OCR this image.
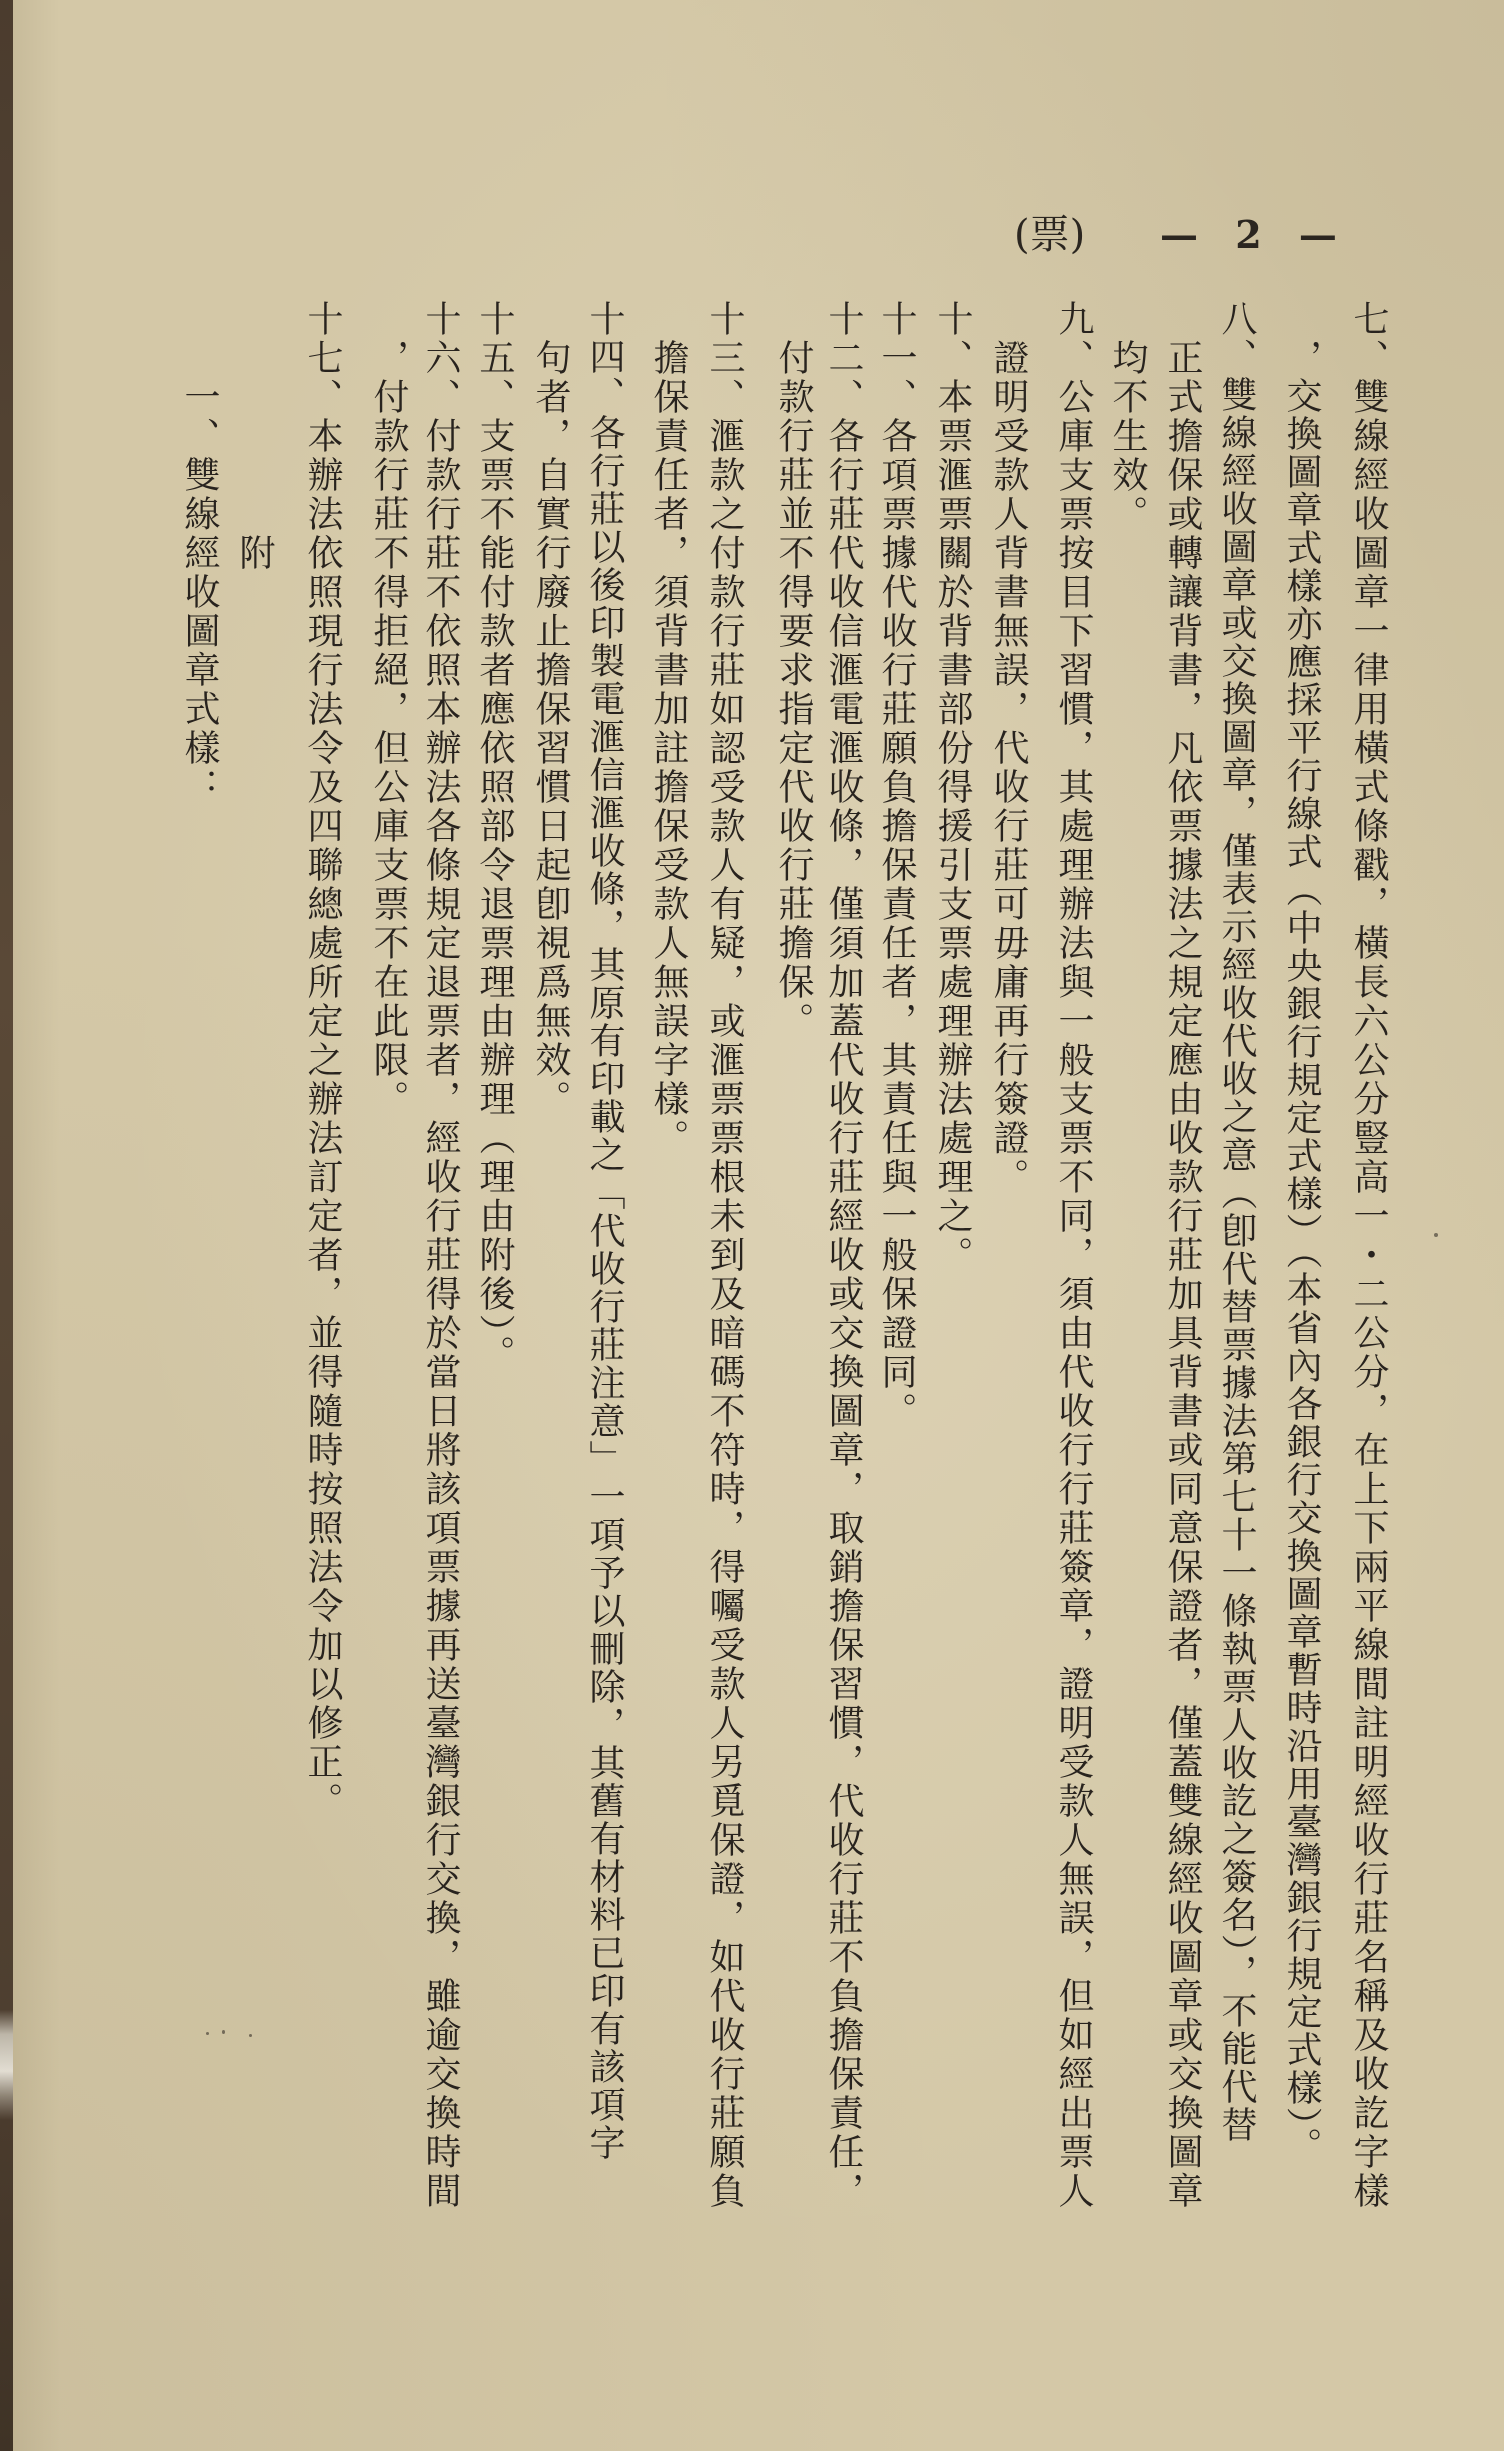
(票) — 2 —
七、雙線經收圖章一律用橫式條戳，橫長六公分豎高一・二公分，在上下兩平線間註明經收行莊名稱及收訖字樣
，交換圖章式樣亦應採平行線式（中央銀行規定式樣）（本省內各銀行交換圖章暫時沿用臺灣銀行規定式樣）。
八、雙線經收圖章或交換圖章，僅表示經收代收之意（卽代替票據法第七十一條執票人收訖之簽名），不能代替
正式擔保或轉讓背書，凡依票據法之規定應由收款行莊加具背書或同意保證者，僅蓋雙線經收圖章或交換圖章
均不生效。
九、公庫支票按目下習慣，其處理辦法與一般支票不同，須由代收行行莊簽章，證明受款人無誤，但如經出票人
證明受款人背書無誤，代收行莊可毋庸再行簽證。
十、本票滙票關於背書部份得援引支票處理辦法處理之。
十一、各項票據代收行莊願負擔保責任者，其責任與一般保證同。
十二、各行莊代收信滙電滙收條，僅須加蓋代收行莊經收或交換圖章，取銷擔保習慣，代收行莊不負擔保責任，
付款行莊並不得要求指定代收行莊擔保。
十三、滙款之付款行莊如認受款人有疑，或滙票票根未到及暗碼不符時，得囑受款人另覓保證，如代收行莊願負
擔保責任者，須背書加註擔保受款人無誤字樣。
十四、各行莊以後印製電滙信滙收條，其原有印載之「代收行莊注意」一項予以刪除，其舊有材料已印有該項字
句者，自實行廢止擔保習慣日起卽視爲無效。
十五、支票不能付款者應依照部令退票理由辦理（理由附後）。
十六、付款行莊不依照本辦法各條規定退票者，經收行莊得於當日將該項票據再送臺灣銀行交換，雖逾交換時間
，付款行莊不得拒絕，但公庫支票不在此限。
十七、本辦法依照現行法令及四聯總處所定之辦法訂定者，並得隨時按照法令加以修正。
附
一、雙線經收圖章式樣：
